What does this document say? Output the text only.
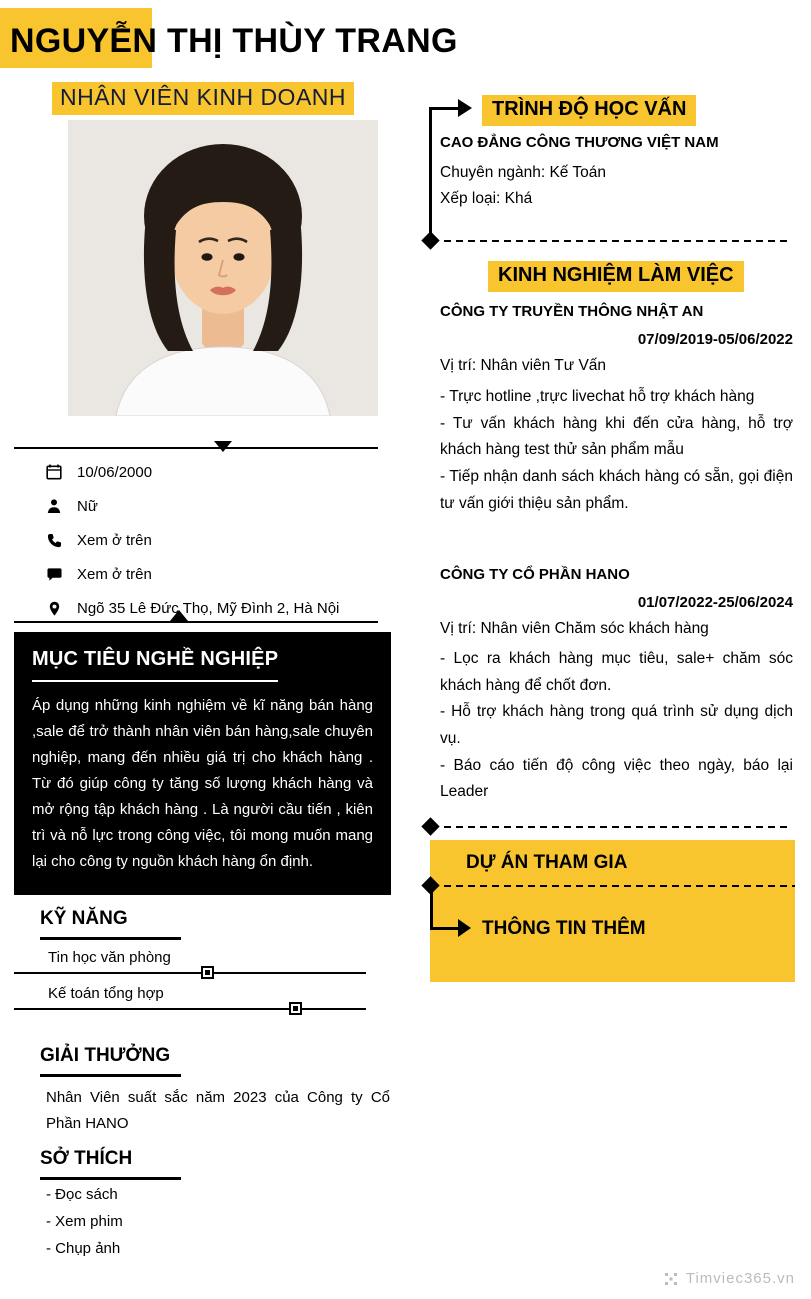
NGUYỄN THỊ THÙY TRANG
NHÂN VIÊN KINH DOANH
10/06/2000
Nữ
Xem ở trên
Xem ở trên
Ngõ 35 Lê Đức Thọ, Mỹ Đình 2, Hà Nội
MỤC TIÊU NGHỀ NGHIỆP

Áp dụng những kinh nghiệm về kĩ năng bán hàng ,sale để trở thành nhân viên bán hàng,sale chuyên nghiệp, mang đến nhiều giá trị cho khách hàng . Từ đó giúp công ty tăng số lượng khách hàng và mở rộng tập khách hàng . Là người cầu tiến , kiên trì và nỗ lực trong công việc, tôi mong muốn mang lại cho công ty nguồn khách hàng ổn định.

KỸ NĂNG
Tin học văn phòng
Kế toán tổng hợp
GIẢI THƯỞNG
Nhân Viên suất sắc năm 2023 của Công ty Cổ Phần HANO
SỞ THÍCH
- Đọc sách
- Xem phim
- Chụp ảnh
TRÌNH ĐỘ HỌC VẤN
CAO ĐẲNG CÔNG THƯƠNG VIỆT NAM
Chuyên ngành: Kế Toán
Xếp loại: Khá
KINH NGHIỆM LÀM VIỆC
CÔNG TY TRUYỀN THÔNG NHẬT AN
07/09/2019-05/06/2022
Vị trí: Nhân viên Tư Vấn
- Trực hotline ,trực livechat hỗ trợ khách hàng
- Tư vấn khách hàng khi đến cửa hàng, hỗ trợ khách hàng test thử sản phẩm mẫu
- Tiếp nhận danh sách khách hàng có sẵn, gọi điện tư vấn giới thiệu sản phẩm.
CÔNG TY CỔ PHẦN HANO
01/07/2022-25/06/2024
Vị trí: Nhân viên Chăm sóc khách hàng
- Lọc ra khách hàng mục tiêu, sale+ chăm sóc khách hàng để chốt đơn.
- Hỗ trợ khách hàng trong quá trình sử dụng dịch vụ.
- Báo cáo tiến độ công việc theo ngày, báo lại Leader
DỰ ÁN THAM GIA
THÔNG TIN THÊM
Timviec365.vn
